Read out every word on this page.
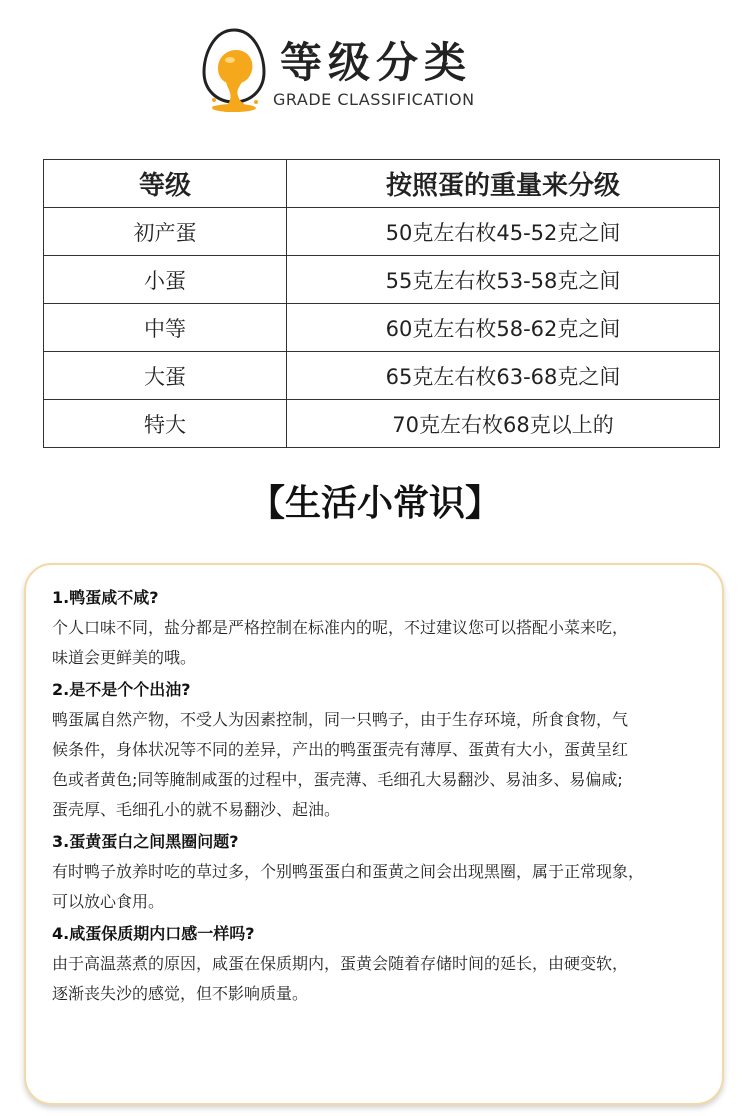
等级分类
GRADE CLASSIFICATION
等级	按照蛋的重量来分级
初产蛋	50克左右枚45-52克之间
小蛋	55克左右枚53-58克之间
中等	60克左右枚58-62克之间
大蛋	65克左右枚63-68克之间
特大	70克左右枚68克以上的
【生活小常识】
1.鸭蛋咸不咸?
个人口味不同，盐分都是严格控制在标准内的呢，不过建议您可以搭配小菜来吃，
味道会更鲜美的哦。
2.是不是个个出油?
鸭蛋属自然产物，不受人为因素控制，同一只鸭子，由于生存环境，所食食物，气
候条件，身体状况等不同的差异，产出的鸭蛋蛋壳有薄厚、蛋黄有大小，蛋黄呈红
色或者黄色;同等腌制咸蛋的过程中，蛋壳薄、毛细孔大易翻沙、易油多、易偏咸;
蛋壳厚、毛细孔小的就不易翻沙、起油。
3.蛋黄蛋白之间黑圈问题?
有时鸭子放养时吃的草过多，个别鸭蛋蛋白和蛋黄之间会出现黑圈，属于正常现象，
可以放心食用。
4.咸蛋保质期内口感一样吗?
由于高温蒸煮的原因，咸蛋在保质期内，蛋黄会随着存储时间的延长，由硬变软，
逐渐丧失沙的感觉，但不影响质量。
